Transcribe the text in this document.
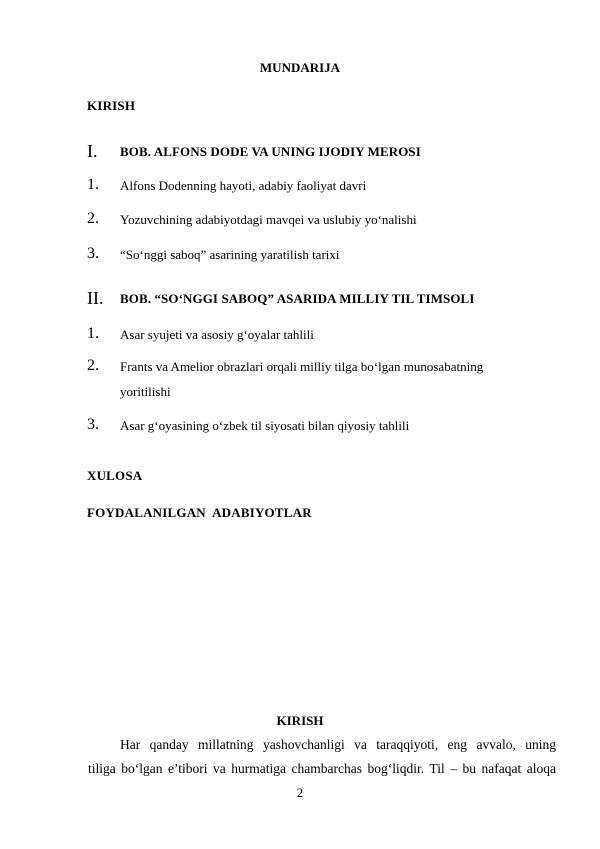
MUNDARIJA
KIRISH
I. BOB. ALFONS DODE VA UNING IJODIY MEROSI
1. Alfons Dodenning hayoti, adabiy faoliyat davri
2. Yozuvchining adabiyotdagi mavqei va uslubiy yo‘nalishi
3. “So‘nggi saboq” asarining yaratilish tarixi
II. BOB. “SO‘NGGI SABOQ” ASARIDA MILLIY TIL TIMSOLI
1. Asar syujeti va asosiy g‘oyalar tahlili
2. Frants va Amelior obrazlari orqali milliy tilga bo‘lgan munosabatning
yoritilishi
3. Asar g‘oyasining o‘zbek til siyosati bilan qiyosiy tahlili
XULOSA
FOYDALANILGAN  ADABIYOTLAR
KIRISH
Har qanday millatning yashovchanligi va taraqqiyoti, eng avvalo, uning
tiliga bo‘lgan e’tibori va hurmatiga chambarchas bog‘liqdir. Til – bu nafaqat aloqa
2
